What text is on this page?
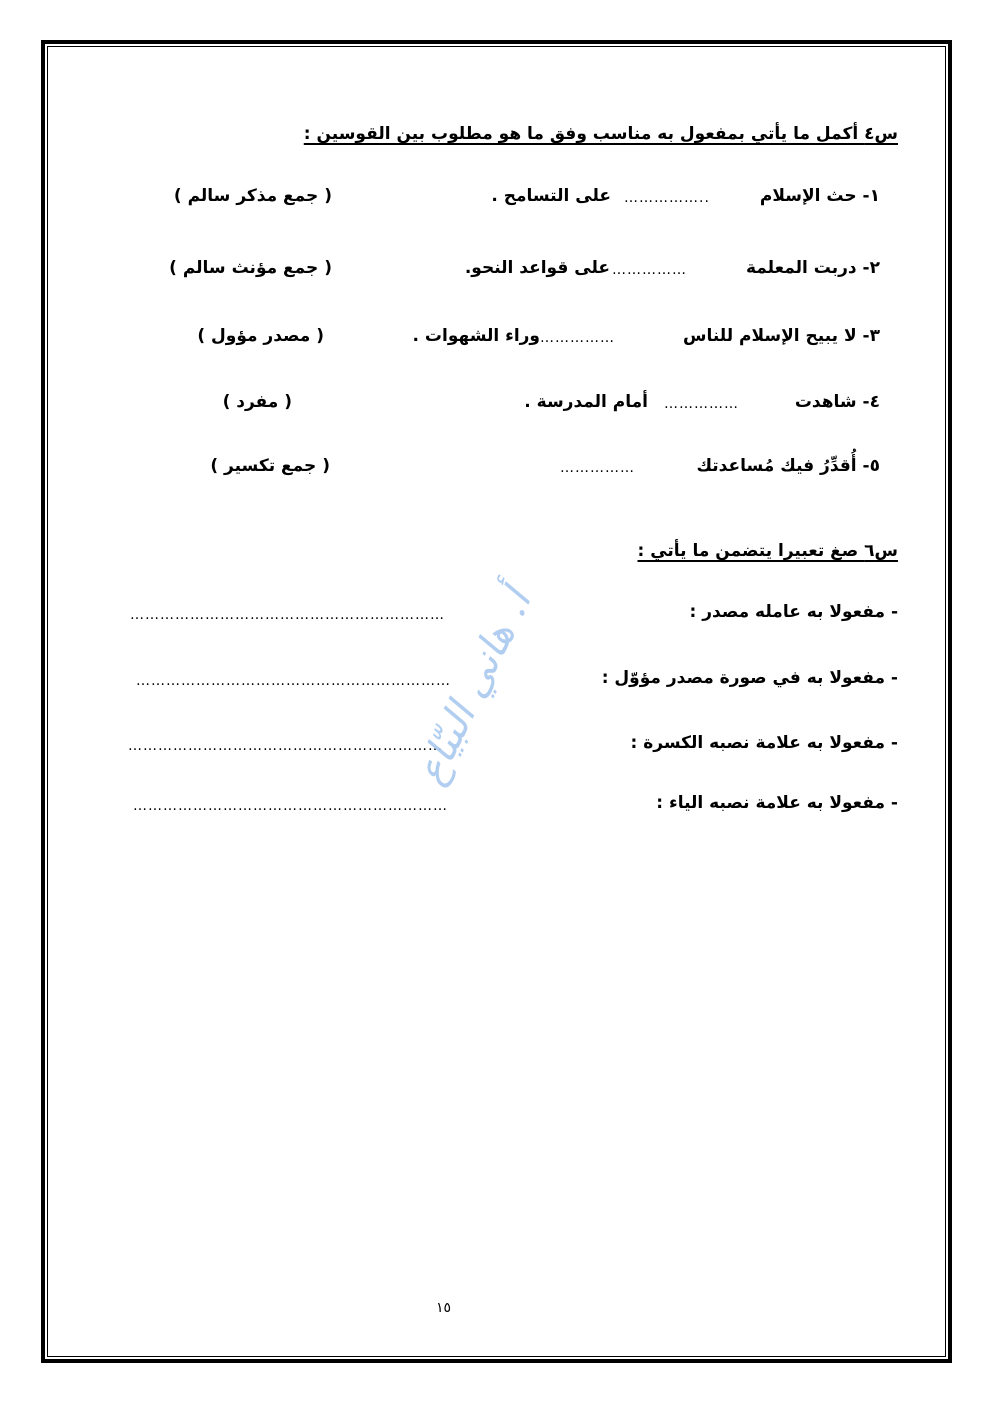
س٤ أكمل ما يأتي بمفعول به مناسب وفق ما هو مطلوب بين القوسين :
١- حث الإسلام
……………..
على التسامح .
( جمع مذكر سالم )
٢- دربت المعلمة
……………
على قواعد النحو.
( جمع مؤنث سالم )
٣- لا يبيح الإسلام للناس
……………
وراء الشهوات .
( مصدر مؤول )
٤- شاهدت
……………
أمام المدرسة .
( مفرد )
٥- أُقدِّرُ فيك مُساعدتك
……………
( جمع تكسير )
س٦ صغ تعبيرا يتضمن ما يأتي :
- مفعولا به عامله مصدر :
………………………………………………………
- مفعولا به في صورة مصدر مؤوّل :
………………………………………………………
- مفعولا به علامة نصبه الكسرة :
………………………………………………………
- مفعولا به علامة نصبه الياء :
………………………………………………………
أ. هاني البيّاع
١٥
